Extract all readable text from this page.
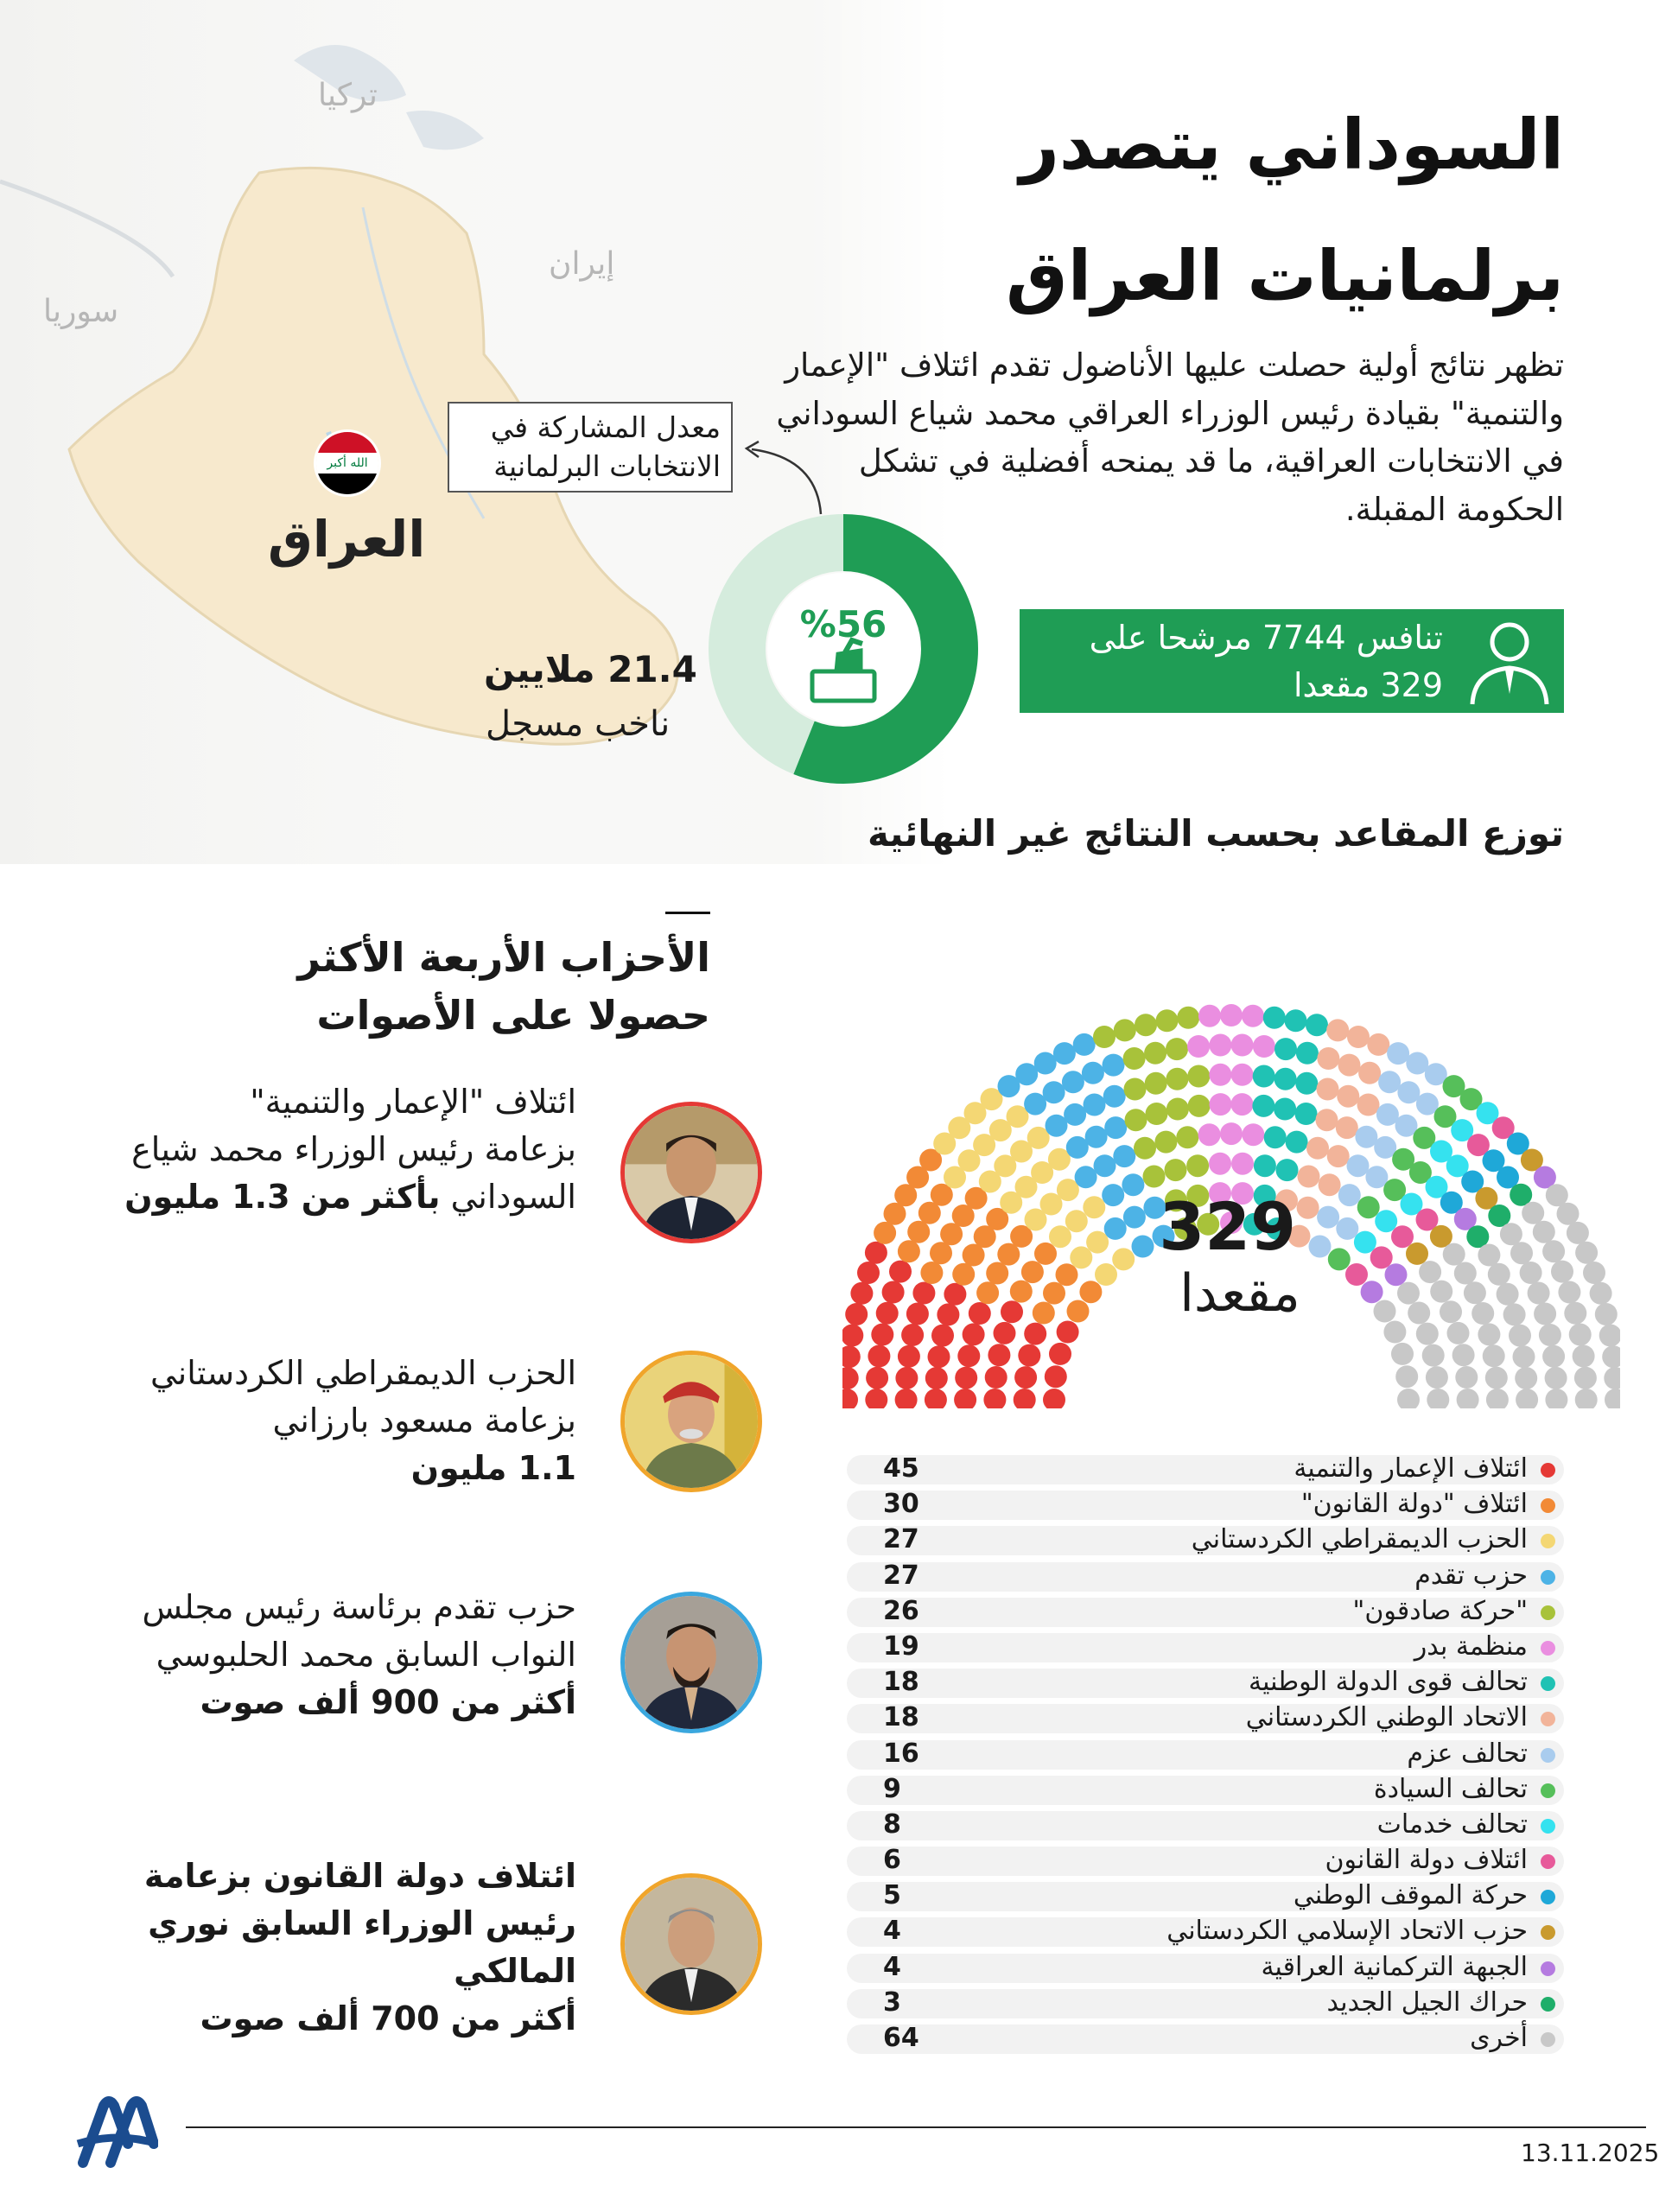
تركيا
إيران
سوريا
الله أكبر
العراق
السوداني يتصدر
برلمانيات العراق
تظهر نتائج أولية حصلت عليها الأناضول تقدم ائتلاف "الإعمار والتنمية" بقيادة رئيس الوزراء العراقي محمد شياع السوداني في الانتخابات العراقية، ما قد يمنحه أفضلية في تشكل الحكومة المقبلة.
معدل المشاركة في الانتخابات البرلمانية
%56
21.4 ملايين
ناخب مسجل
تنافس 7744 مرشحا على 329 مقعدا
توزع المقاعد بحسب النتائج غير النهائية
الأحزاب الأربعة الأكثر حصولا على الأصوات
ائتلاف "الإعمار والتنمية"
بزعامة رئيس الوزراء محمد شياع
السوداني بأكثر من 1.3 مليون
الحزب الديمقراطي الكردستاني
بزعامة مسعود بارزاني
1.1 مليون
حزب تقدم برئاسة رئيس مجلس
النواب السابق محمد الحلبوسي
أكثر من 900 ألف صوت
ائتلاف دولة القانون بزعامة
رئيس الوزراء السابق نوري
المالكي
أكثر من 700 ألف صوت
329
مقعدا
ائتلاف الإعمار والتنمية
45
ائتلاف "دولة القانون"
30
الحزب الديمقراطي الكردستاني
27
حزب تقدم
27
"حركة صادقون"
26
منظمة بدر
19
تحالف قوى الدولة الوطنية
18
الاتحاد الوطني الكردستاني
18
تحالف عزم
16
تحالف السيادة
9
تحالف خدمات
8
ائتلاف دولة القانون
6
حركة الموقف الوطني
5
حزب الاتحاد الإسلامي الكردستاني
4
الجبهة التركمانية العراقية
4
حراك الجيل الجديد
3
أخرى
64
13.11.2025
